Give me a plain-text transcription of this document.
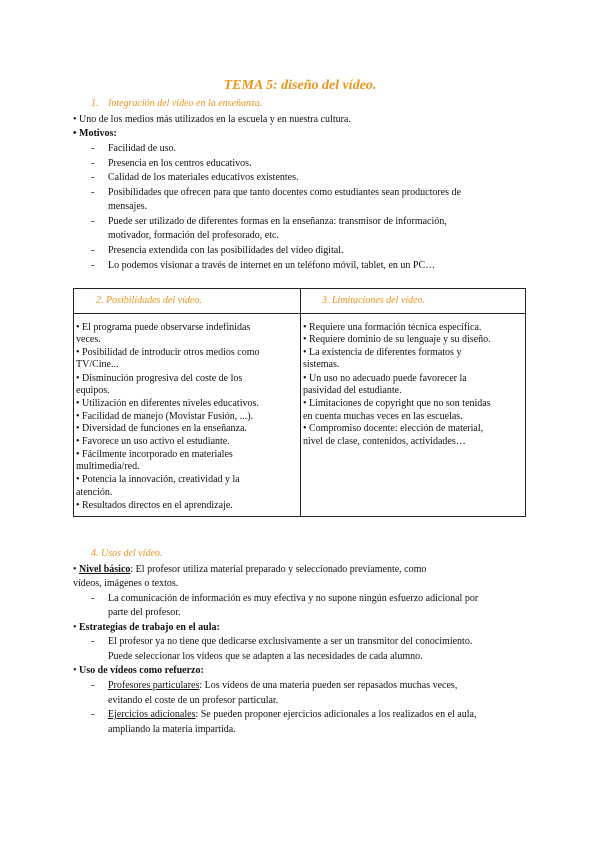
TEMA 5: diseño del vídeo.
1. Integración del video en la enseñanza.
• Uno de los medios más utilizados en la escuela y en nuestra cultura.
• Motivos:
- Facilidad de uso.
- Presencia en los centros educativos.
- Calidad de los materiales educativos existentes.
- Posibilidades que ofrecen para que tanto docentes como estudiantes sean productores de
mensajes.
- Puede ser utilizado de diferentes formas en la enseñanza: transmisor de información,
motivador, formación del profesorado, etc.
- Presencia extendida con las posibilidades del vídeo digital.
- Lo podemos visionar a través de internet en un teléfono móvil, tablet, en un PC…
2. Posibilidades del vídeo.	3. Limitaciones del vídeo.
• El programa puede observarse indefinidas
veces.
• Posibilidad de introducir otros medios como
TV/Cine...
• Disminución progresiva del coste de los
equipos.
• Utilización en diferentes niveles educativos.
• Facilidad de manejo (Movistar Fusión, ...).
• Diversidad de funciones en la enseñanza.
• Favorece un uso activo el estudiante.
• Fácilmente incorporado en materiales
multimedia/red.
• Potencia la innovación, creatividad y la
atención.
• Resultados directos en el aprendizaje.
• Requiere una formación técnica específica.
• Requiere dominio de su lenguaje y su diseño.
• La existencia de diferentes formatos y
sistemas.
• Un uso no adecuado puede favorecer la
pasividad del estudiante.
• Limitaciones de copyright que no son tenidas
en cuenta muchas veces en las escuelas.
• Compromiso docente: elección de material,
nivel de clase, contenidos, actividades…
4. Usos del vídeo.
• Nivel básico: El profesor utiliza material preparado y seleccionado previamente, como
vídeos, imágenes o textos.
- La comunicación de información es muy efectiva y no supone ningún esfuerzo adicional por
parte del profesor.
• Estrategias de trabajo en el aula:
- El profesor ya no tiene que dedicarse exclusivamente a ser un transmitor del conocimiento.
Puede seleccionar los vídeos que se adapten a las necesidades de cada alumno.
• Uso de vídeos como refuerzo:
- Profesores particulares: Los vídeos de una materia pueden ser repasados muchas veces,
evitando el coste de un profesor particular.
- Ejercicios adicionales: Se pueden proponer ejercicios adicionales a los realizados en el aula,
ampliando la materia impartida.
